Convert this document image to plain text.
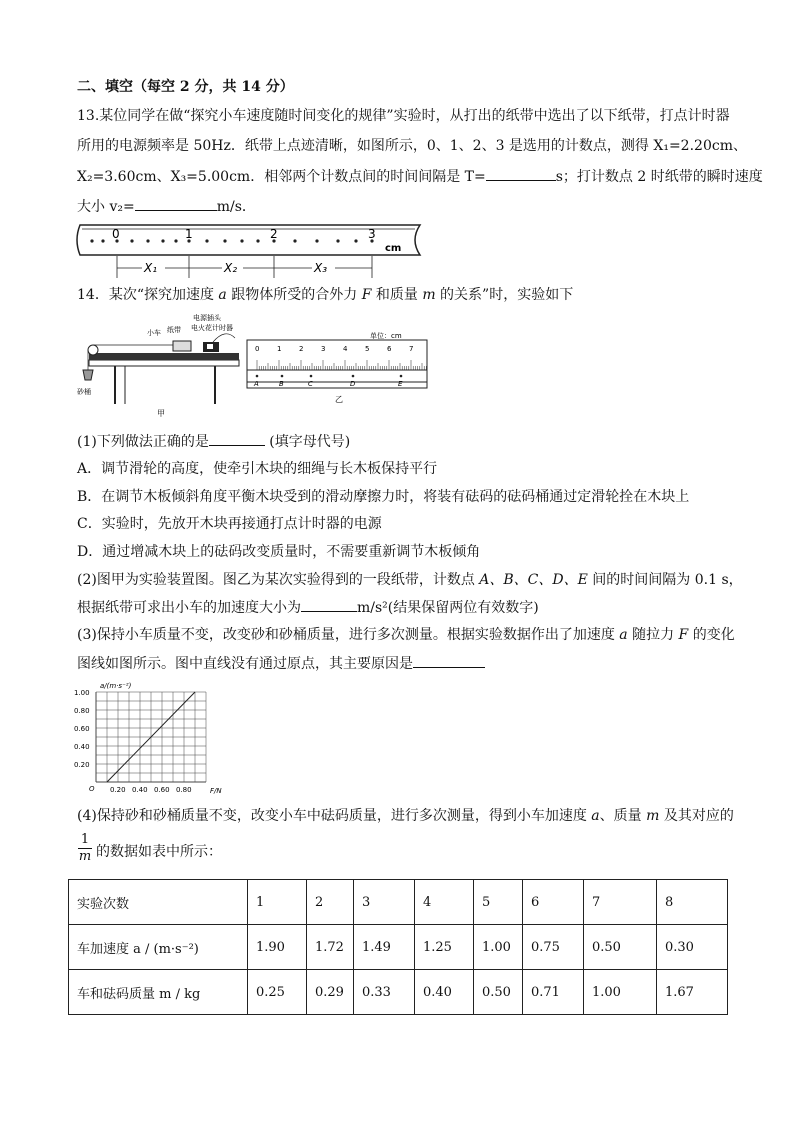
二、填空（每空 2 分，共 14 分）
13.某位同学在做“探究小车速度随时间变化的规律”实验时，从打出的纸带中选出了以下纸带，打点计时器
所用的电源频率是 50Hz．纸带上点迹清晰，如图所示，0、1、2、3 是选用的计数点，测得 X₁=2.20cm、
X₂=3.60cm、X₃=5.00cm．相邻两个计数点间的时间间隔是 T=	s；打计数点 2 时纸带的瞬时速度
大小 v₂=	m/s．
0	1	2	3
cm
X₁	X₂	X₃
14．某次“探究加速度 a 跟物体所受的合外力 F 和质量 m 的关系”时，实验如下
电源插头
纸带 电火花计时器
小车
砂桶
甲
单位：cm
0	1	2	3	4	5	6	7
A	B	C	D	E
乙
(1)下列做法正确的是	(填字母代号)
A．调节滑轮的高度，使牵引木块的细绳与长木板保持平行
B．在调节木板倾斜角度平衡木块受到的滑动摩擦力时，将装有砝码的砝码桶通过定滑轮拴在木块上
C．实验时，先放开木块再接通打点计时器的电源
D．通过增减木块上的砝码改变质量时，不需要重新调节木板倾角
(2)图甲为实验装置图。图乙为某次实验得到的一段纸带，计数点 A、B、C、D、E 间的时间间隔为 0.1 s，
根据纸带可求出小车的加速度大小为	m/s²(结果保留两位有效数字)
(3)保持小车质量不变，改变砂和砂桶质量，进行多次测量。根据实验数据作出了加速度 a 随拉力 F 的变化
图线如图所示。图中直线没有通过原点，其主要原因是
0.20 0.40 0.60 0.80
1.00
0.80
0.60
0.40
0.20
a/(m·s⁻²)
F/N
O
(4)保持砂和砂桶质量不变，改变小车中砝码质量，进行多次测量，得到小车加速度 a、质量 m 及其对应的
$\frac{1}{m}$ 的数据如表中所示：
实验次数	1	2	3	4	5	6	7	8
车加速度 a / (m·s⁻²)	1.90	1.72	1.49	1.25	1.00	0.75	0.50	0.30
车和砝码质量 m / kg	0.25	0.29	0.33	0.40	0.50	0.71	1.00	1.67
